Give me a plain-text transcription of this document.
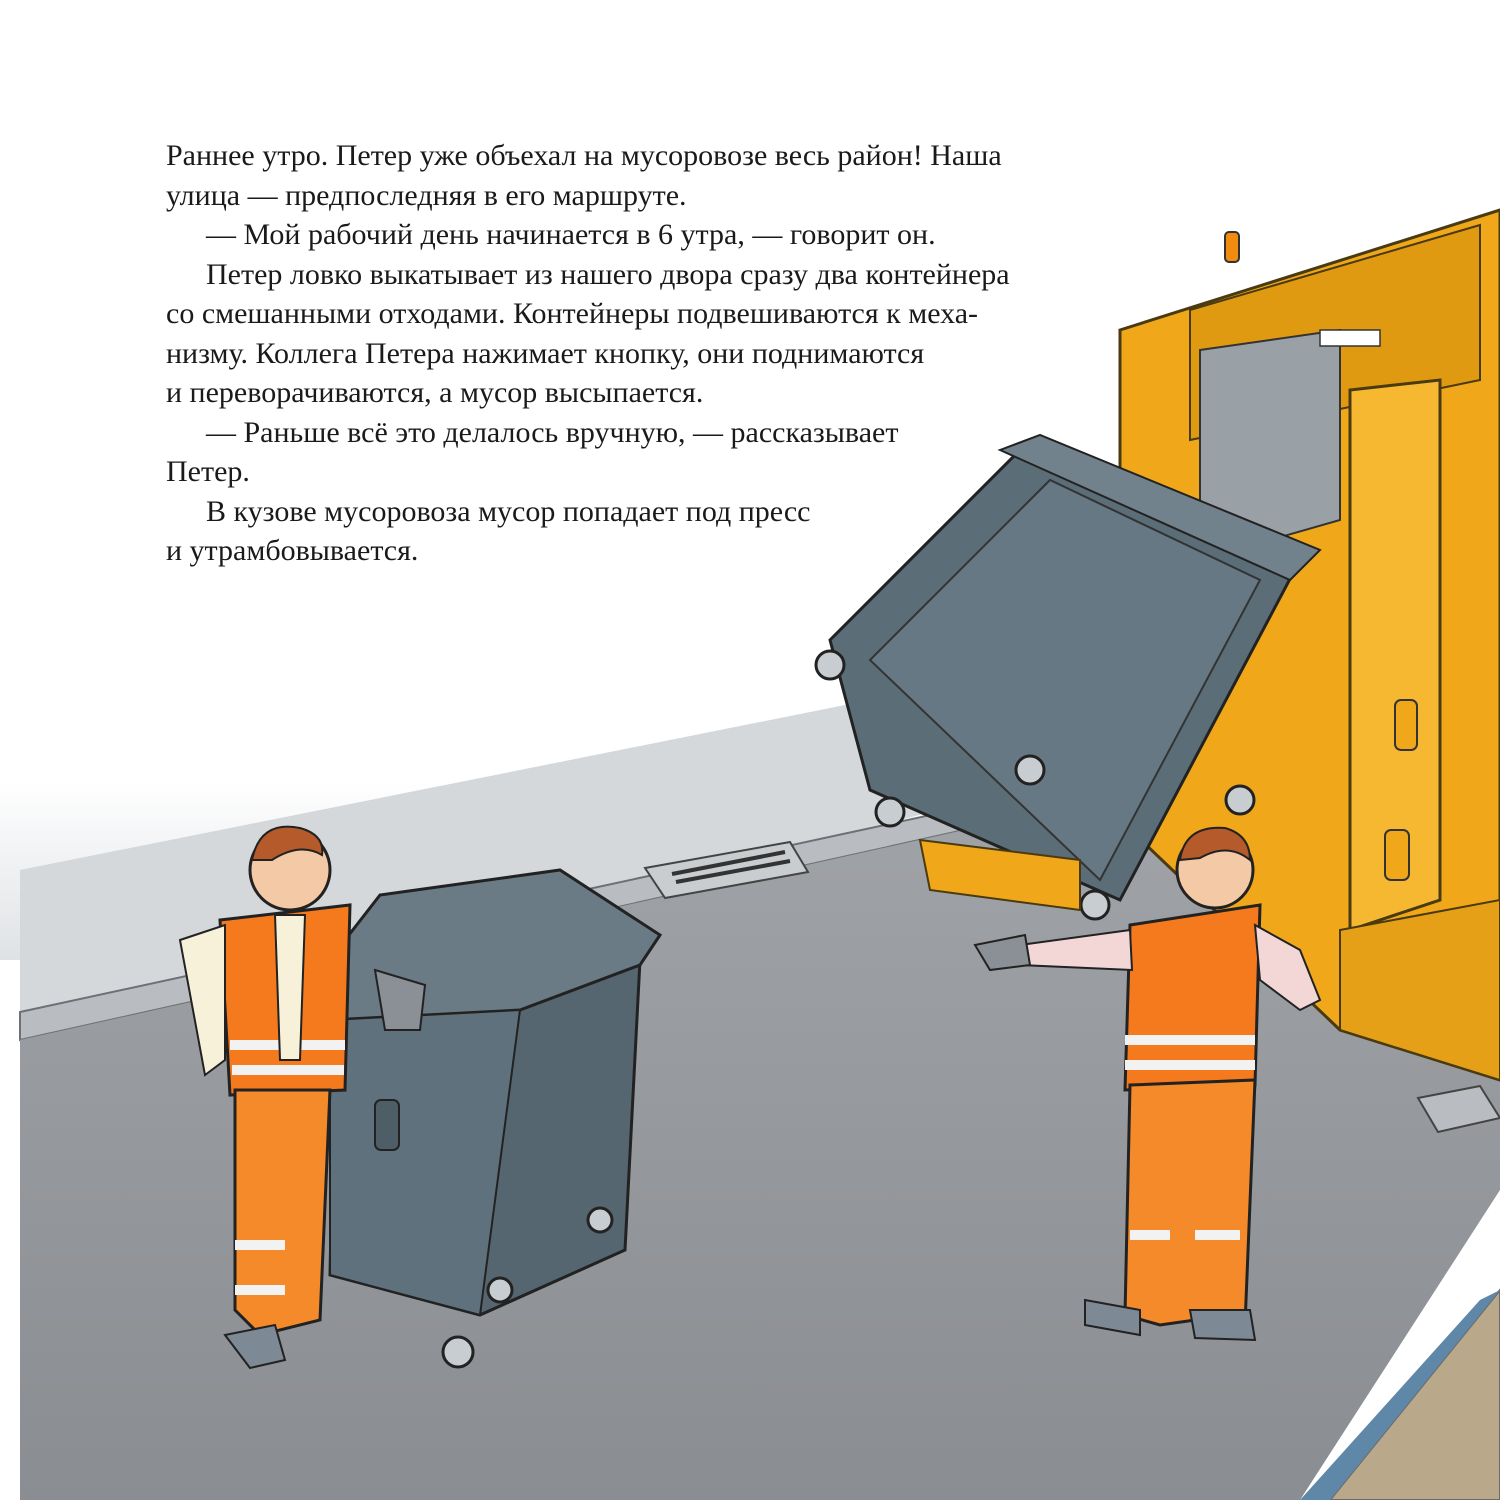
Раннее утро. Петер уже объехал на мусоровозе весь район! Наша
улица — предпоследняя в его маршруте.
— Мой рабочий день начинается в 6 утра, — говорит он.
Петер ловко выкатывает из нашего двора сразу два контейнера
со смешанными отходами. Контейнеры подвешиваются к меха-
низму. Коллега Петера нажимает кнопку, они поднимаются
и переворачиваются, а мусор высыпается.
— Раньше всё это делалось вручную, — рассказывает
Петер.
В кузове мусоровоза мусор попадает под пресс
и утрамбовывается.
